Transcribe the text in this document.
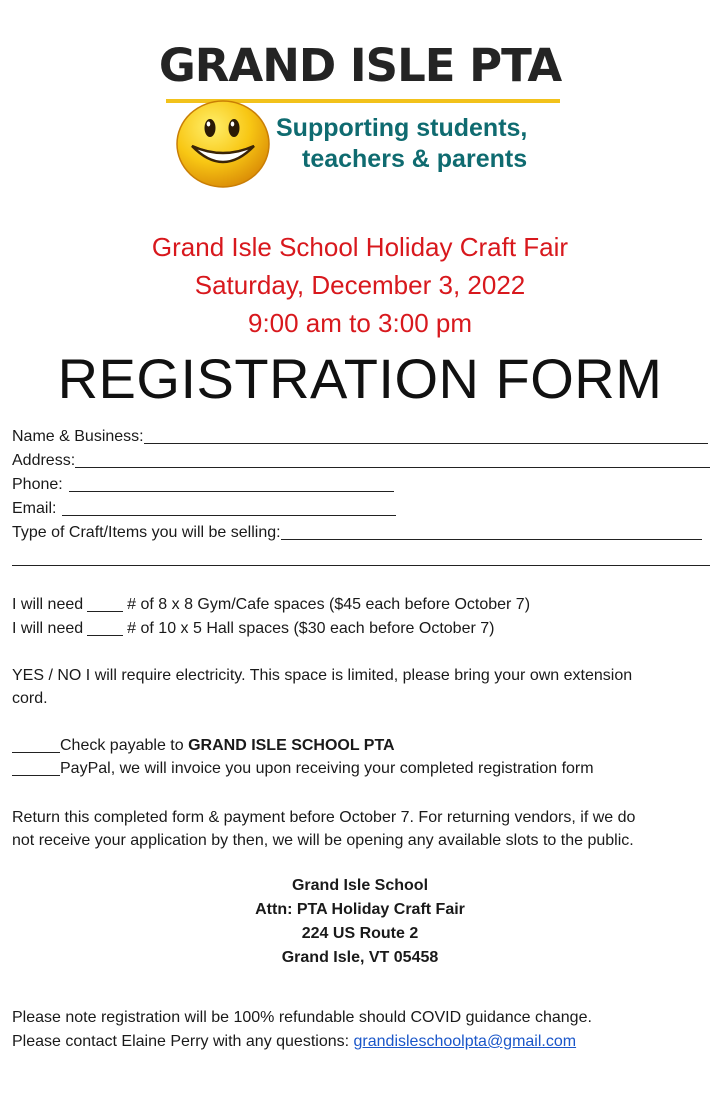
GRAND ISLE PTA
Supporting students,
teachers & parents
Grand Isle School Holiday Craft Fair
Saturday, December 3, 2022
9:00 am to 3:00 pm
REGISTRATION FORM
Name & Business:
Address:
Phone:
Email:
Type of Craft/Items you will be selling:
I will need	# of 8 x 8 Gym/Cafe spaces ($45 each before October 7)
I will need	# of 10 x 5 Hall spaces ($30 each before October 7)
YES / NO I will require electricity. This space is limited, please bring your own extension
cord.
Check payable to GRAND ISLE SCHOOL PTA
PayPal, we will invoice you upon receiving your completed registration form
Return this completed form & payment before October 7. For returning vendors, if we do
not receive your application by then, we will be opening any available slots to the public.
Grand Isle School
Attn: PTA Holiday Craft Fair
224 US Route 2
Grand Isle, VT 05458
Please note registration will be 100% refundable should COVID guidance change.
Please contact Elaine Perry with any questions: grandisleschoolpta@gmail.com
